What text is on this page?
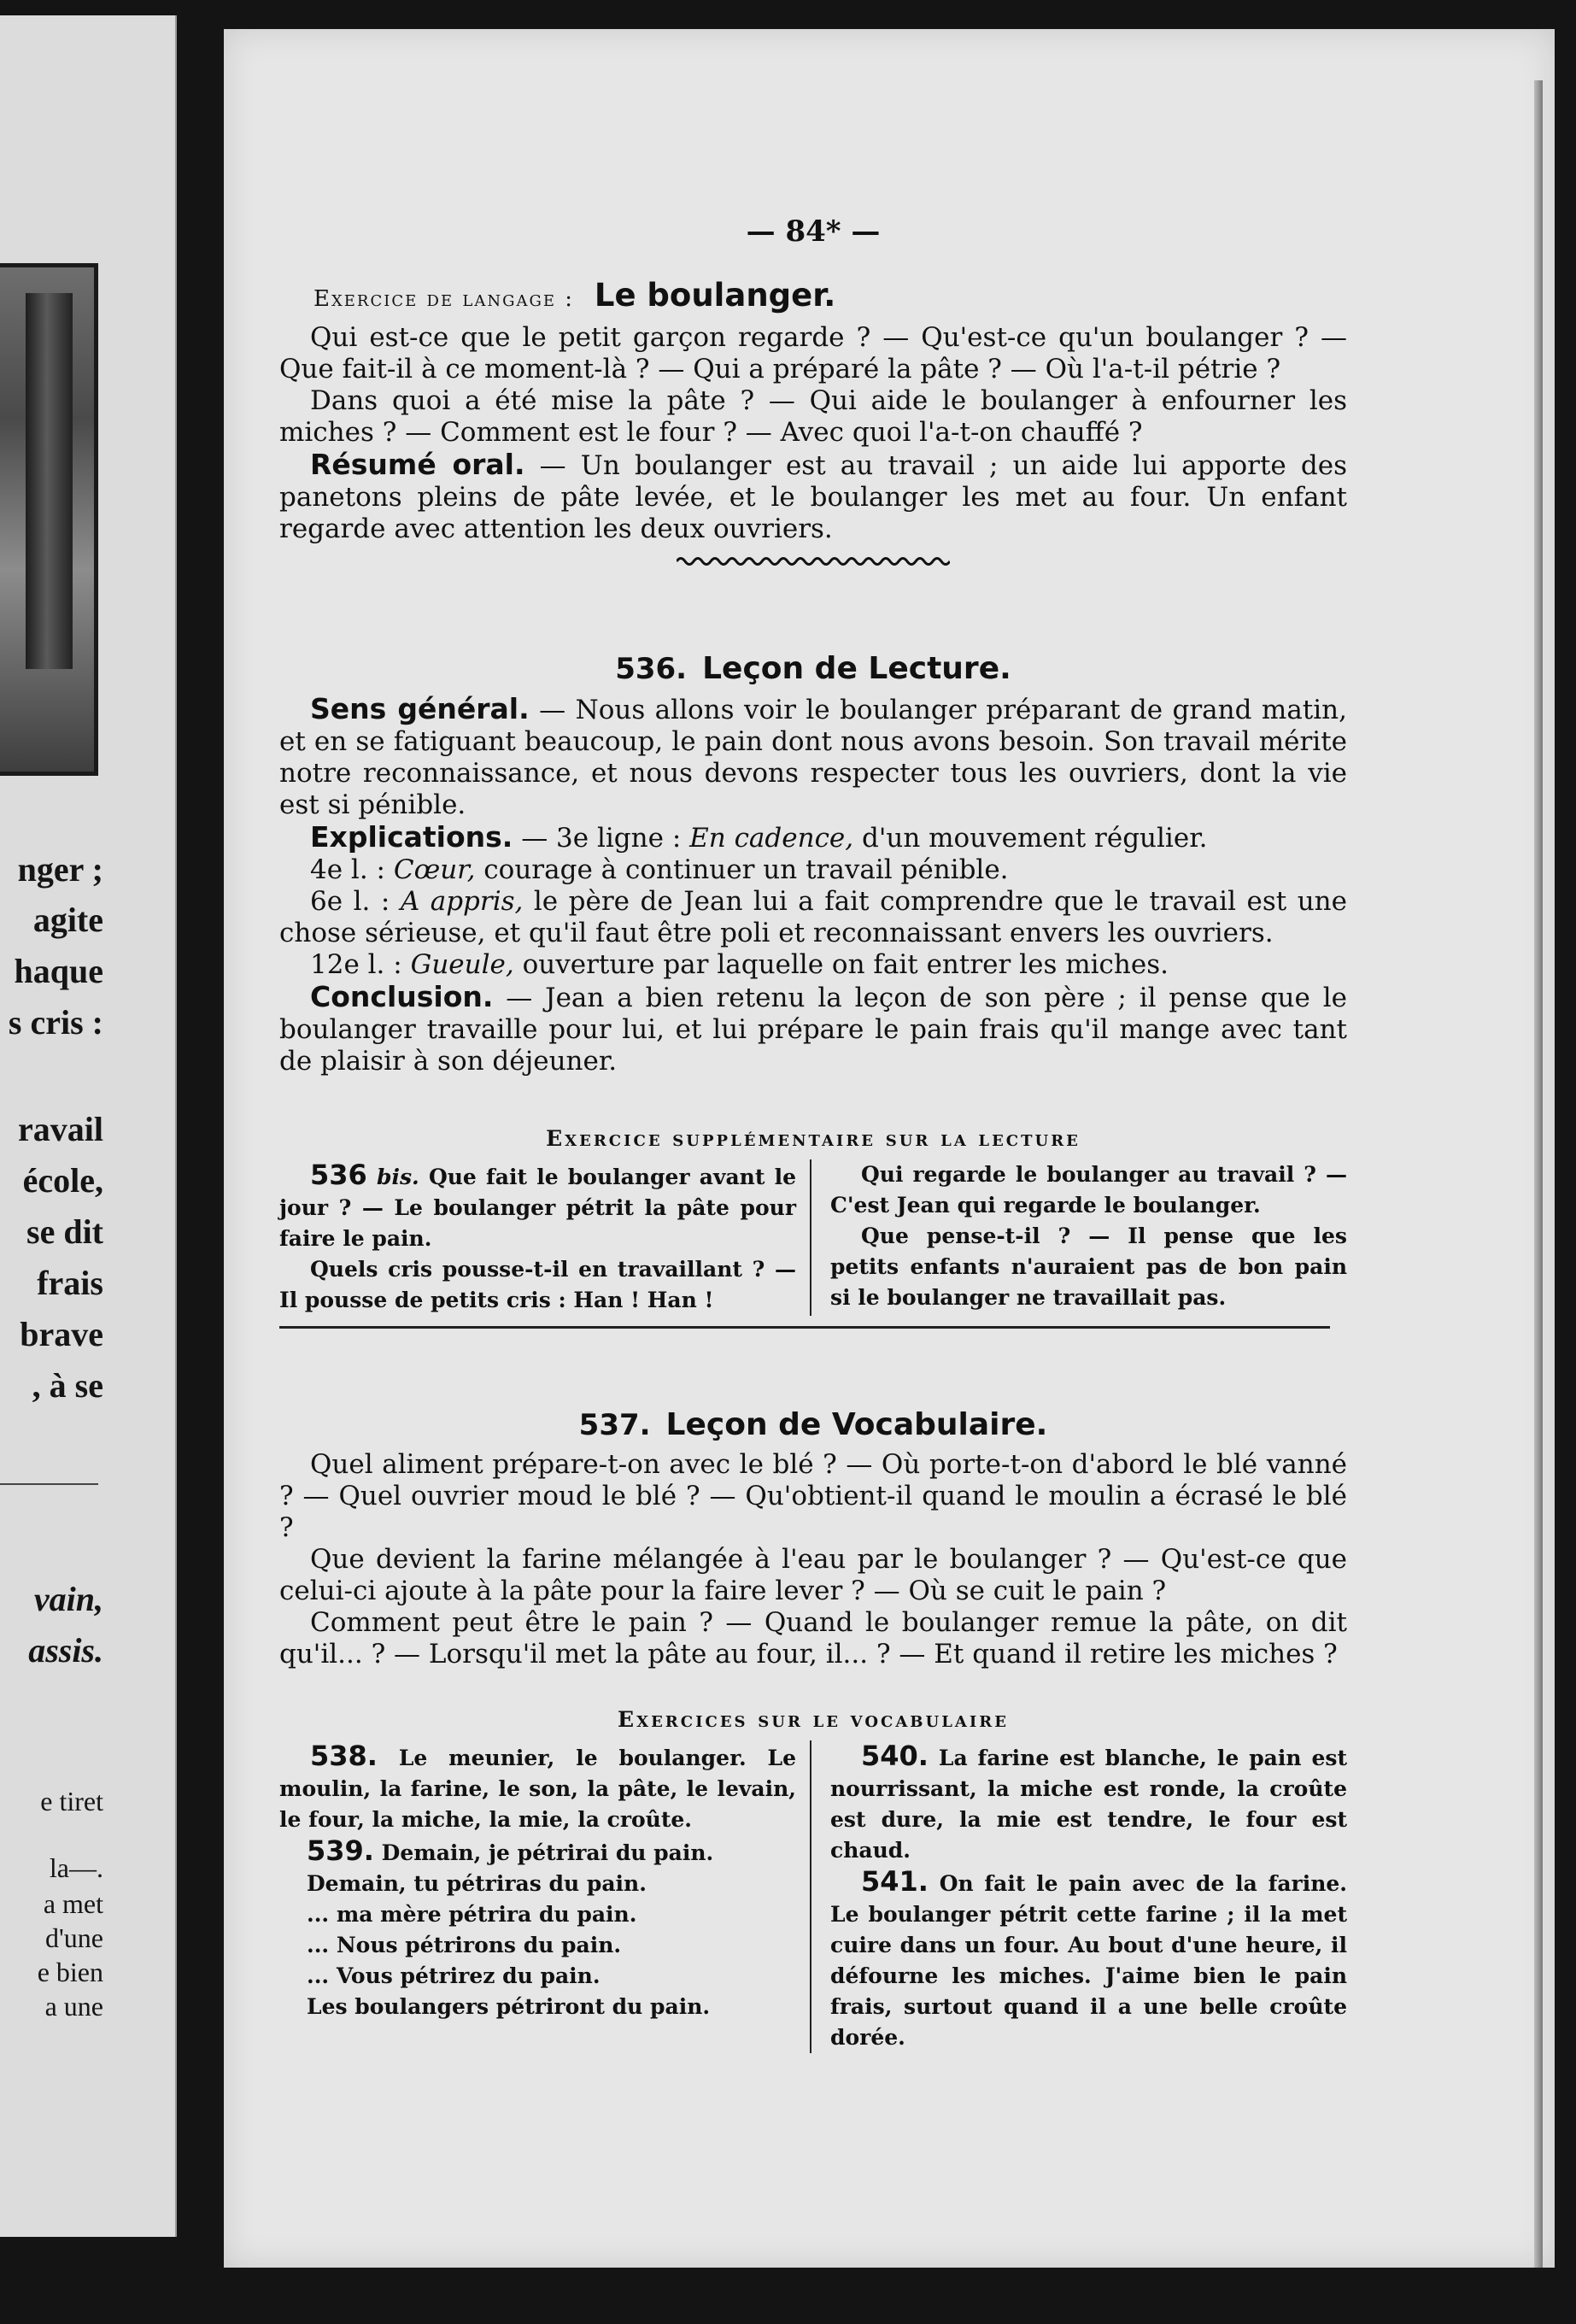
nger ;
agite
haque
s cris :
ravail
école,
se dit
frais
brave
, à se
vain,
assis.
e tiret
la—.
a met
d'une
e bien
a une
— 84* —

Exercice de langage : Le boulanger.

Qui est-ce que le petit garçon regarde ? — Qu'est-ce qu'un boulanger ? — Que fait-il à ce moment-là ? — Qui a préparé la pâte ? — Où l'a-t-il pétrie ?

Dans quoi a été mise la pâte ? — Qui aide le boulanger à enfourner les miches ? — Comment est le four ? — Avec quoi l'a-t-on chauffé ?

Résumé oral. — Un boulanger est au travail ; un aide lui apporte des panetons pleins de pâte levée, et le boulanger les met au four. Un enfant regarde avec attention les deux ouvriers.

536. Leçon de Lecture.

Sens général. — Nous allons voir le boulanger préparant de grand matin, et en se fatiguant beaucoup, le pain dont nous avons besoin. Son travail mérite notre reconnaissance, et nous devons respecter tous les ouvriers, dont la vie est si pénible.

Explications. — 3e ligne : En cadence, d'un mouvement régulier.

4e l. : Cœur, courage à continuer un travail pénible.

6e l. : A appris, le père de Jean lui a fait comprendre que le travail est une chose sérieuse, et qu'il faut être poli et reconnaissant envers les ouvriers.

12e l. : Gueule, ouverture par laquelle on fait entrer les miches.

Conclusion. — Jean a bien retenu la leçon de son père ; il pense que le boulanger travaille pour lui, et lui prépare le pain frais qu'il mange avec tant de plaisir à son déjeuner.

Exercice supplémentaire sur la lecture

536 bis. Que fait le boulanger avant le jour ? — Le boulanger pétrit la pâte pour faire le pain.

Quels cris pousse-t-il en travaillant ? — Il pousse de petits cris : Han ! Han !

Qui regarde le boulanger au travail ? — C'est Jean qui regarde le boulanger.

Que pense-t-il ? — Il pense que les petits enfants n'auraient pas de bon pain si le boulanger ne travaillait pas.

537. Leçon de Vocabulaire.

Quel aliment prépare-t-on avec le blé ? — Où porte-t-on d'abord le blé vanné ? — Quel ouvrier moud le blé ? — Qu'obtient-il quand le moulin a écrasé le blé ?

Que devient la farine mélangée à l'eau par le boulanger ? — Qu'est-ce que celui-ci ajoute à la pâte pour la faire lever ? — Où se cuit le pain ?

Comment peut être le pain ? — Quand le boulanger remue la pâte, on dit qu'il... ? — Lorsqu'il met la pâte au four, il... ? — Et quand il retire les miches ?

Exercices sur le vocabulaire

538. Le meunier, le boulanger. Le moulin, la farine, le son, la pâte, le levain, le four, la miche, la mie, la croûte.

539. Demain, je pétrirai du pain.
Demain, tu pétriras du pain.
... ma mère pétrira du pain.
... Nous pétrirons du pain.
... Vous pétrirez du pain.
Les boulangers pétriront du pain.

540. La farine est blanche, le pain est nourrissant, la miche est ronde, la croûte est dure, la mie est tendre, le four est chaud.

541. On fait le pain avec de la farine. Le boulanger pétrit cette farine ; il la met cuire dans un four. Au bout d'une heure, il défourne les miches. J'aime bien le pain frais, surtout quand il a une belle croûte dorée.
